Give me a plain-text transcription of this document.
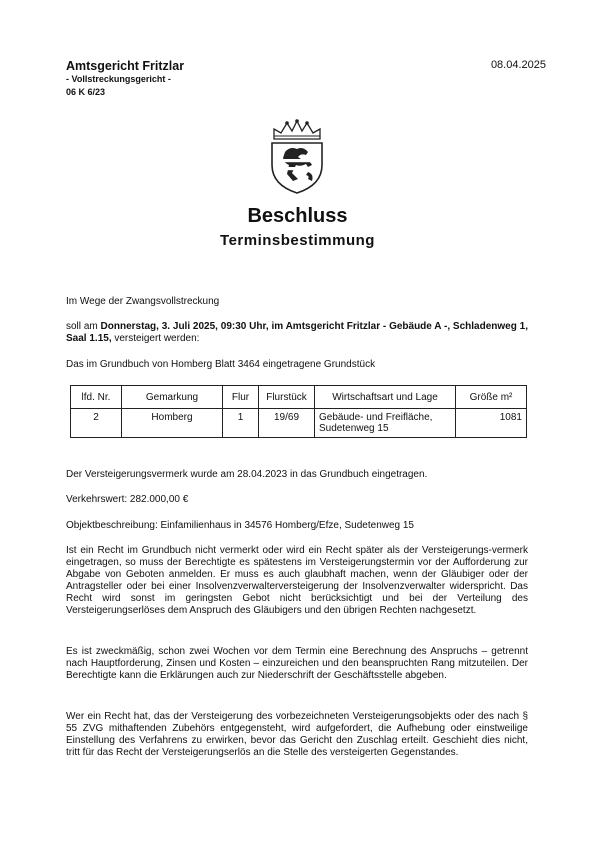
Amtsgericht Fritzlar
- Vollstreckungsgericht -
06 K 6/23
08.04.2025
Beschluss
Terminsbestimmung
Im Wege der Zwangsvollstreckung
soll am Donnerstag, 3. Juli 2025, 09:30 Uhr, im Amtsgericht Fritzlar - Gebäude A -, Schladenweg 1, Saal 1.15, versteigert werden:
Das im Grundbuch von Homberg Blatt 3464 eingetragene Grundstück
lfd. Nr.	Gemarkung	Flur	Flurstück	Wirtschaftsart und Lage	Größe m²
2	Homberg	1	19/69	Gebäude- und Freifläche, Sudetenweg 15	1081
Der Versteigerungsvermerk wurde am 28.04.2023 in das Grundbuch eingetragen.
Verkehrswert: 282.000,00 €
Objektbeschreibung: Einfamilienhaus in 34576 Homberg/Efze, Sudetenweg 15
Ist ein Recht im Grundbuch nicht vermerkt oder wird ein Recht später als der Versteigerungs-vermerk eingetragen, so muss der Berechtigte es spätestens im Versteigerungstermin vor der Aufforderung zur Abgabe von Geboten anmelden. Er muss es auch glaubhaft machen, wenn der Gläubiger oder der Antragsteller oder bei einer Insolvenzverwalterversteigerung der Insolvenzverwalter widerspricht. Das Recht wird sonst im geringsten Gebot nicht berücksichtigt und bei der Verteilung des Versteigerungserlöses dem Anspruch des Gläubigers und den übrigen Rechten nachgesetzt.
Es ist zweckmäßig, schon zwei Wochen vor dem Termin eine Berechnung des Anspruchs – getrennt nach Hauptforderung, Zinsen und Kosten – einzureichen und den beanspruchten Rang mitzuteilen. Der Berechtigte kann die Erklärungen auch zur Niederschrift der Geschäftsstelle abgeben.
Wer ein Recht hat, das der Versteigerung des vorbezeichneten Versteigerungsobjekts oder des nach § 55 ZVG mithaftenden Zubehörs entgegensteht, wird aufgefordert, die Aufhebung oder einstweilige Einstellung des Verfahrens zu erwirken, bevor das Gericht den Zuschlag erteilt. Geschieht dies nicht, tritt für das Recht der Versteigerungserlös an die Stelle des versteigerten Gegenstandes.
